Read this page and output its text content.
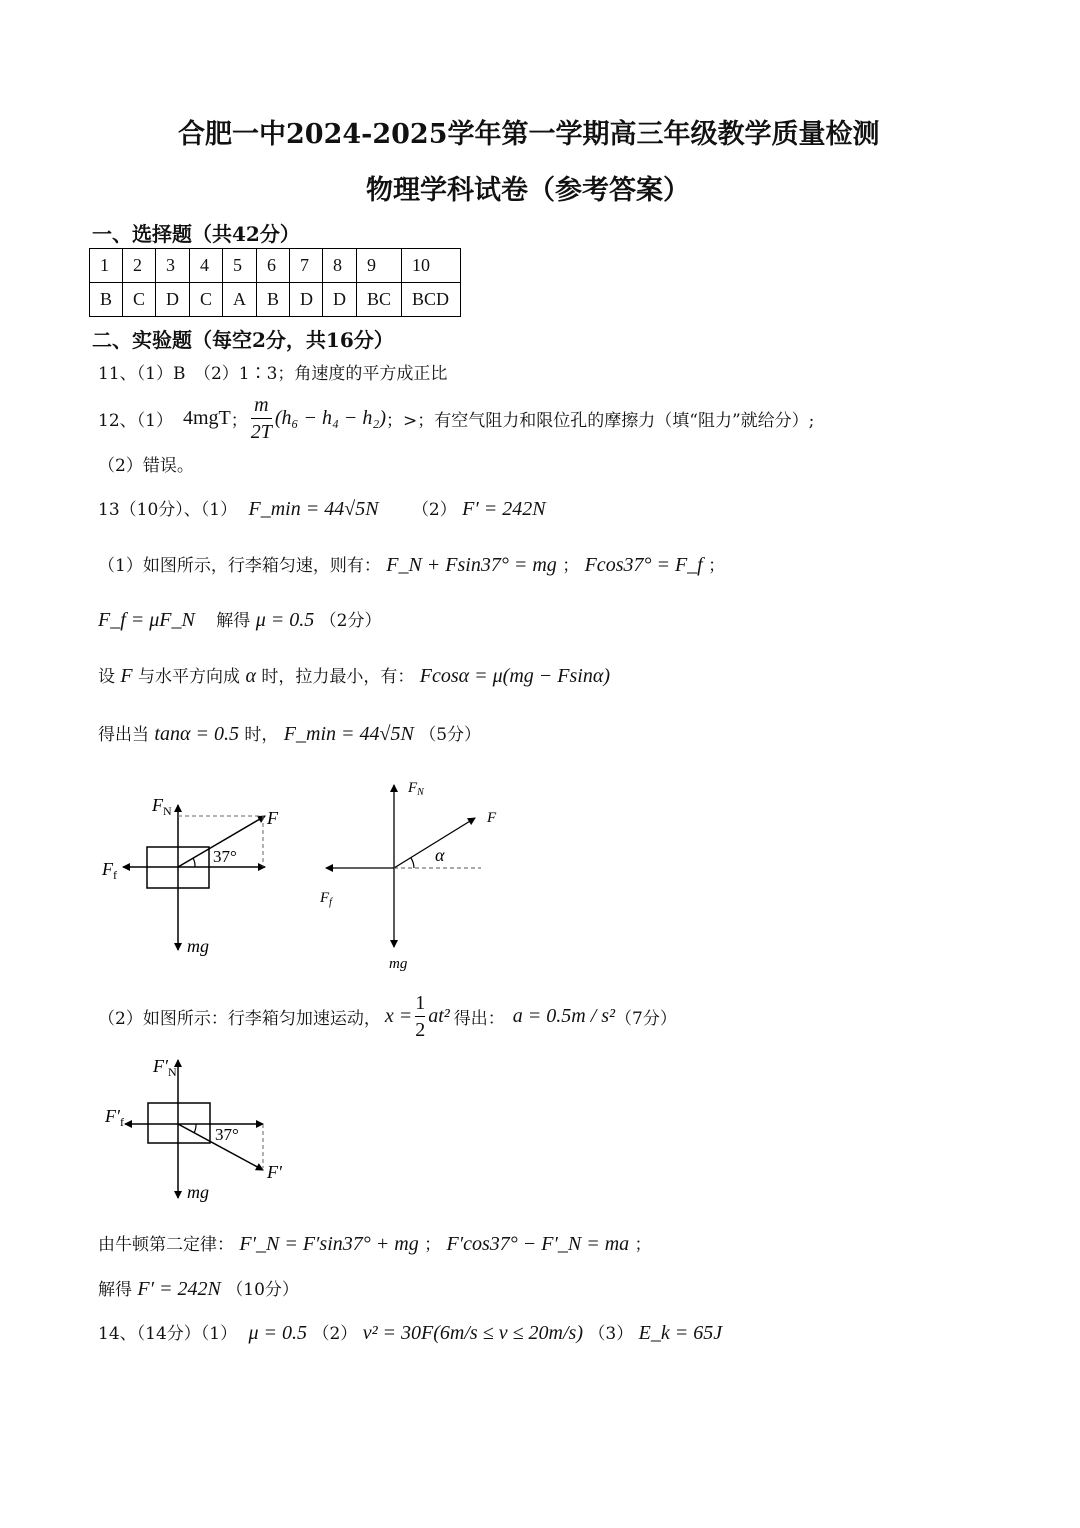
合肥一中2024-2025学年第一学期高三年级教学质量检测
物理学科试卷（参考答案）
一、选择题（共42分）
1	2	3	4	5	6	7	8	9	10
B	C	D	C	A	B	D	D	BC	BCD
二、实验题（每空2分，共16分）
11、（1）B　（2）1∶3；角速度的平方成正比
12、（1） 4mgT ； $\frac{m}{2T} (h_6 - h_4 - h_2)$ ；>；有空气阻力和限位孔的摩擦力（填“阻力”就给分）;
（2）错误。
13（10分）、（1） F_min = 44√5N （2） F′ = 242N
（1）如图所示，行李箱匀速，则有： F_N + Fsin37° = mg ； Fcos37° = F_f ；
F_f = μF_N 解得 μ = 0.5 （2分）
设 F 与水平方向成 α 时，拉力最小，有： Fcosα = μ(mg − Fsinα)
得出当 tanα = 0.5 时， F_min = 44√5N （5分）
$F_N$	F
$F_f$
37°
mg
$F_N$
F
$F_f$
α
mg
（2）如图所示：行李箱匀加速运动， $x = \frac{1}{2} at^2$ 得出： a = 0.5m / s² （7分）
$F'_N$
F′
$F'_f$
37°
mg
由牛顿第二定律： F′_N = F′sin37° + mg ； F′cos37° − F′_N = ma ；
解得 F′ = 242N （10分）
14、（14分）（1） μ = 0.5 （2） v² = 30F(6m/s ≤ v ≤ 20m/s) （3） E_k = 65J
